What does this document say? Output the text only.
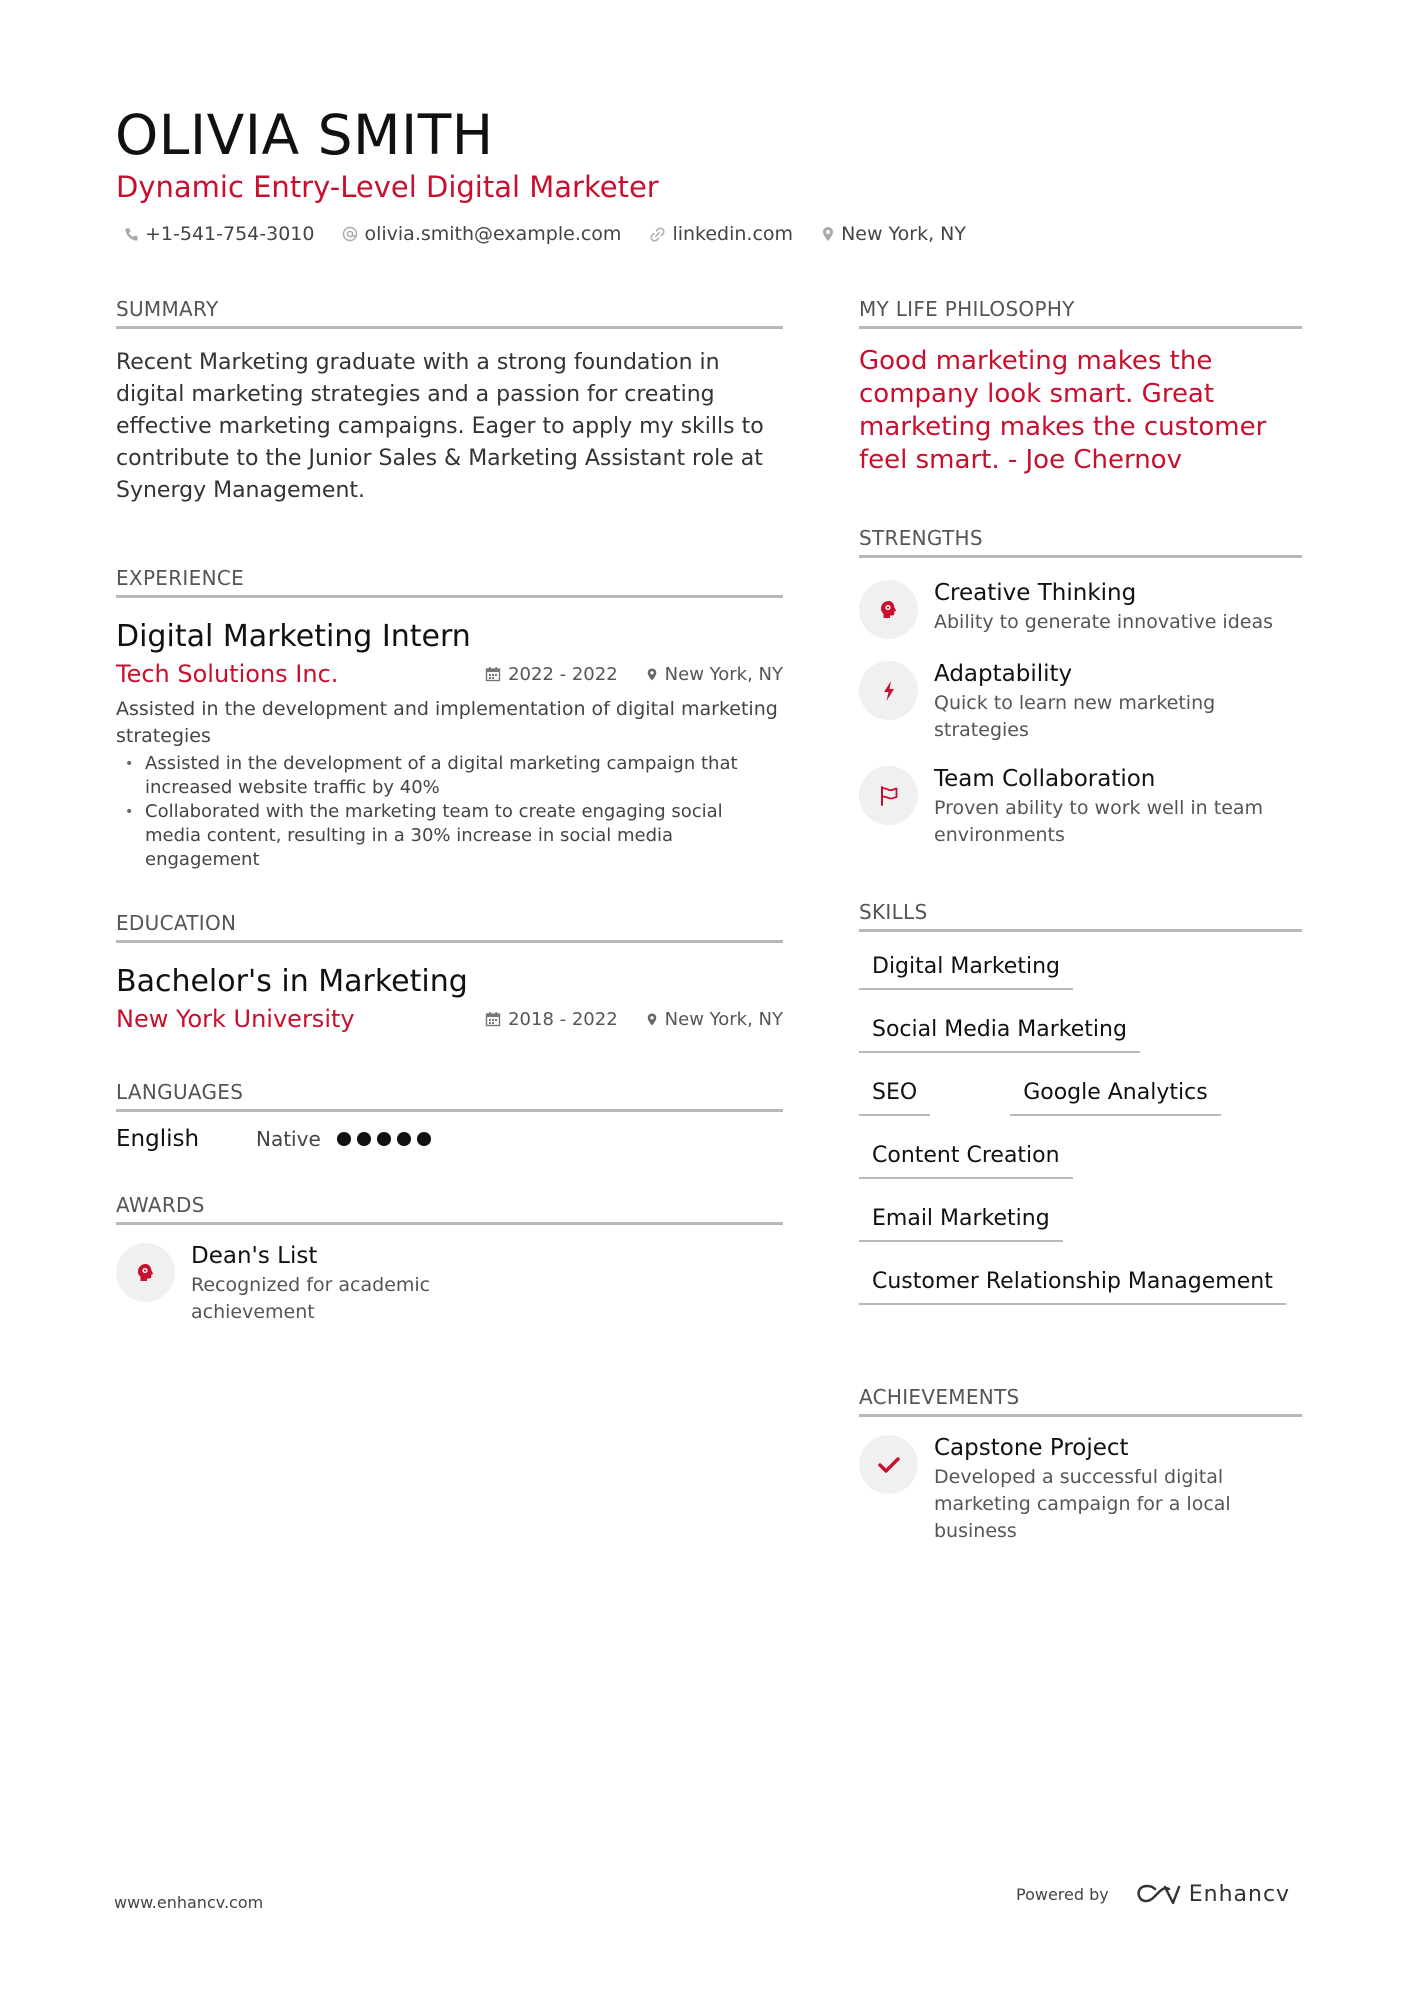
OLIVIA SMITH
Dynamic Entry-Level Digital Marketer
+1-541-754-3010	olivia.smith@example.com	linkedin.com	New York, NY
SUMMARY
Recent Marketing graduate with a strong foundation in digital marketing strategies and a passion for creating effective marketing campaigns. Eager to apply my skills to contribute to the Junior Sales & Marketing Assistant role at Synergy Management.
EXPERIENCE
Digital Marketing Intern
Tech Solutions Inc.	2022 - 2022	New York, NY
Assisted in the development and implementation of digital marketing strategies
• Assisted in the development of a digital marketing campaign that increased website traffic by 40%
• Collaborated with the marketing team to create engaging social media content, resulting in a 30% increase in social media engagement
EDUCATION
Bachelor's in Marketing
New York University	2018 - 2022	New York, NY
LANGUAGES
English	Native
AWARDS
Dean's List
Recognized for academic achievement
MY LIFE PHILOSOPHY
Good marketing makes the company look smart. Great marketing makes the customer feel smart. - Joe Chernov
STRENGTHS
Creative Thinking
Ability to generate innovative ideas
Adaptability
Quick to learn new marketing strategies
Team Collaboration
Proven ability to work well in team environments
SKILLS
Digital Marketing
Social Media Marketing
SEO	Google Analytics
Content Creation
Email Marketing
Customer Relationship Management
ACHIEVEMENTS
Capstone Project
Developed a successful digital marketing campaign for a local business
www.enhancv.com	Powered by	Enhancv
